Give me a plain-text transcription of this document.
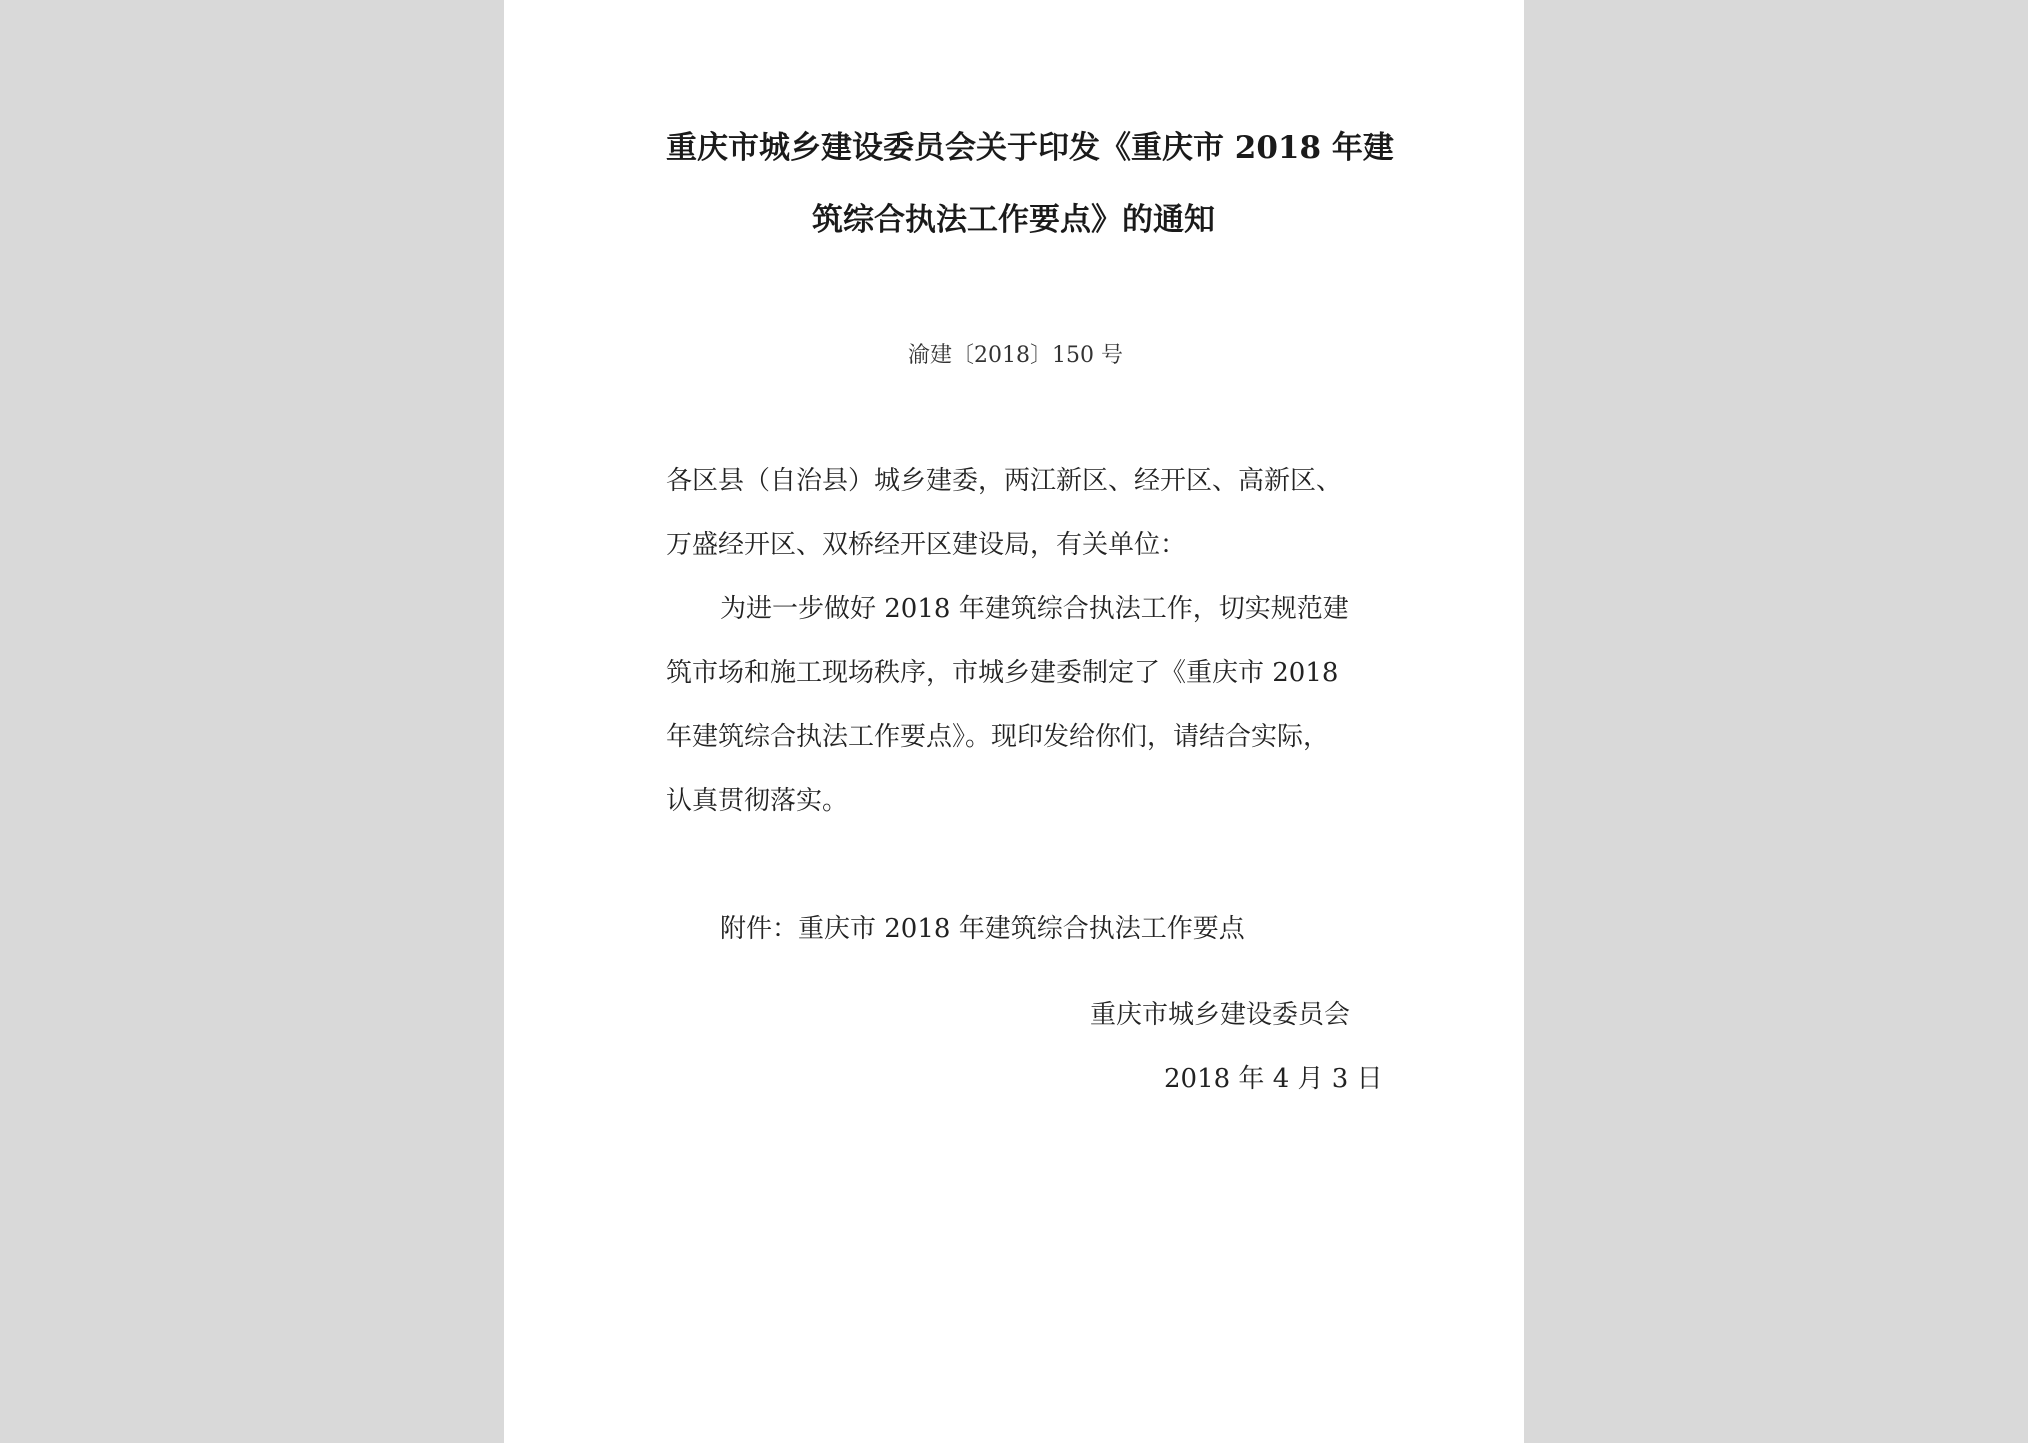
重庆市城乡建设委员会关于印发《重庆市 2018 年建
筑综合执法工作要点》的通知
渝建〔2018〕150 号
各区县（自治县）城乡建委，两江新区、经开区、高新区、
万盛经开区、双桥经开区建设局，有关单位：
为进一步做好 2018 年建筑综合执法工作，切实规范建
筑市场和施工现场秩序，市城乡建委制定了《重庆市 2018
年建筑综合执法工作要点》。现印发给你们，请结合实际，
认真贯彻落实。
附件：重庆市 2018 年建筑综合执法工作要点
重庆市城乡建设委员会
2018 年 4 月 3 日
